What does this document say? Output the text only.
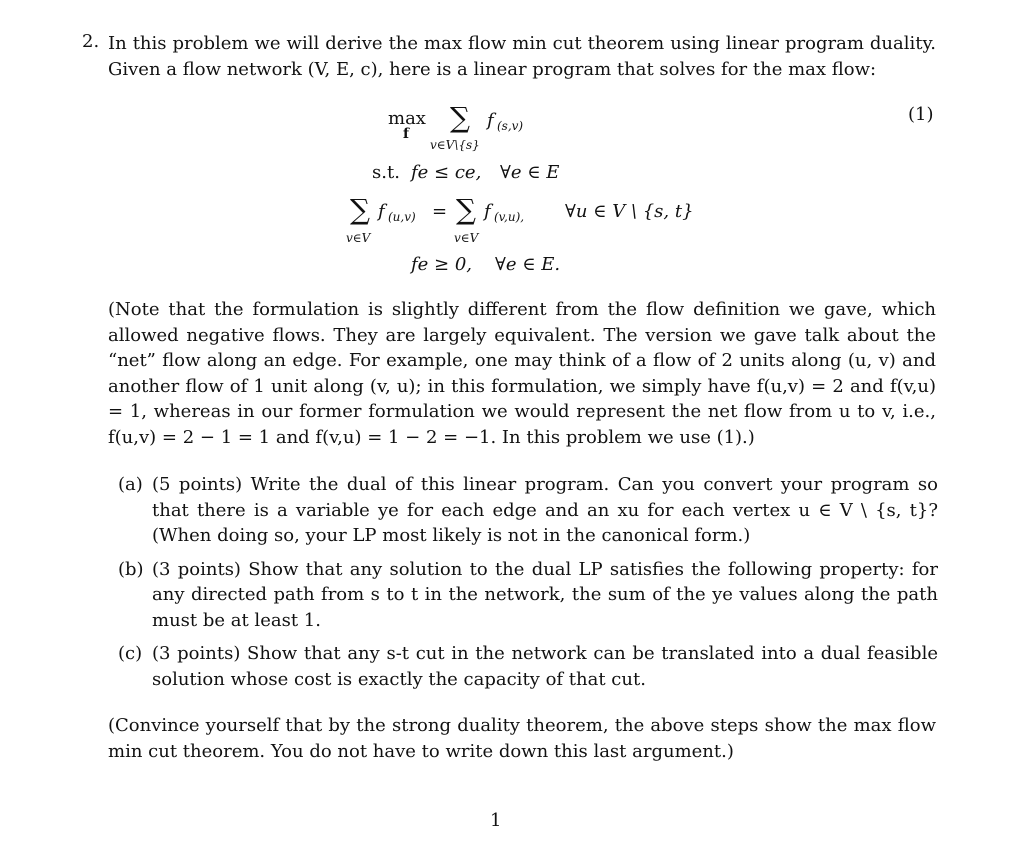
2. In this problem we will derive the max flow min cut theorem using linear program duality. Given a flow network (V, E, c), here is a linear program that solves for the max flow:
max
f ∑
v∈V\{s}
f (s,v)
s.t. fe ≤ ce, ∀e ∈ E
∑ f (u,v) = ∑ f (v,u), ∀u ∈ V \ {s, t}
v∈V	v∈V
fe ≥ 0, ∀e ∈ E.
(1)
(Note that the formulation is slightly different from the flow definition we gave, which allowed negative flows. They are largely equivalent. The version we gave talk about the “net” flow along an edge. For example, one may think of a flow of 2 units along (u, v) and another flow of 1 unit along (v, u); in this formulation, we simply have f(u,v) = 2 and f(v,u) = 1, whereas in our former formulation we would represent the net flow from u to v, i.e., f(u,v) = 2 − 1 = 1 and f(v,u) = 1 − 2 = −1. In this problem we use (1).)
(a) (5 points) Write the dual of this linear program. Can you convert your program so that there is a variable ye for each edge and an xu for each vertex u ∈ V \ {s, t}? (When doing so, your LP most likely is not in the canonical form.)
(b) (3 points) Show that any solution to the dual LP satisfies the following property: for any directed path from s to t in the network, the sum of the ye values along the path must be at least 1.
(c) (3 points) Show that any s-t cut in the network can be translated into a dual feasible solution whose cost is exactly the capacity of that cut.
(Convince yourself that by the strong duality theorem, the above steps show the max flow min cut theorem. You do not have to write down this last argument.)
1
